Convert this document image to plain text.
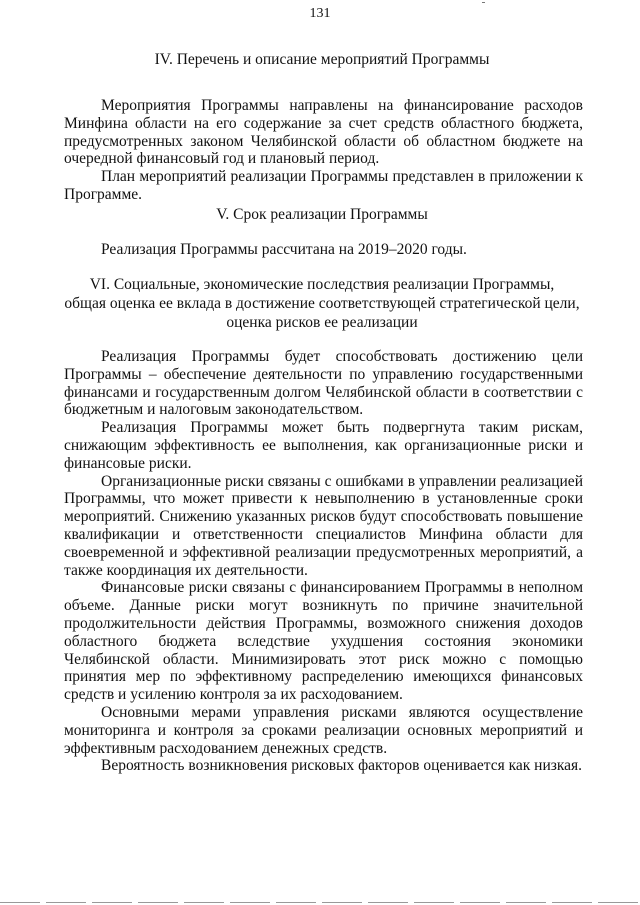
131
IV. Перечень и описание мероприятий Программы

Мероприятия Программы направлены на финансирование расходов Минфина области на его содержание за счет средств областного бюджета, предусмотренных законом Челябинской области об областном бюджете на очередной финансовый год и плановый период.

План мероприятий реализации Программы представлен в приложении к Программе.

V. Срок реализации Программы
Реализация Программы рассчитана на 2019–2020 годы.
VI. Социальные, экономические последствия реализации Программы,
общая оценка ее вклада в достижение соответствующей стратегической цели,
оценка рисков ее реализации

Реализация Программы будет способствовать достижению цели Программы – обеспечение деятельности по управлению государственными финансами и государственным долгом Челябинской области в соответствии с бюджетным и налоговым законодательством.

Реализация Программы может быть подвергнута таким рискам, снижающим эффективность ее выполнения, как организационные риски и финансовые риски.

Организационные риски связаны с ошибками в управлении реализацией Программы, что может привести к невыполнению в установленные сроки мероприятий. Снижению указанных рисков будут способствовать повышение квалификации и ответственности специалистов Минфина области для своевременной и эффективной реализации предусмотренных мероприятий, а также координация их деятельности.

Финансовые риски связаны с финансированием Программы в неполном объеме. Данные риски могут возникнуть по причине значительной продолжительности действия Программы, возможного снижения доходов областного бюджета вследствие ухудшения состояния экономики Челябинской области. Минимизировать этот риск можно с помощью принятия мер по эффективному распределению имеющихся финансовых средств и усилению контроля за их расходованием.

Основными мерами управления рисками являются осуществление мониторинга и контроля за сроками реализации основных мероприятий и эффективным расходованием денежных средств.

Вероятность возникновения рисковых факторов оценивается как низкая.
